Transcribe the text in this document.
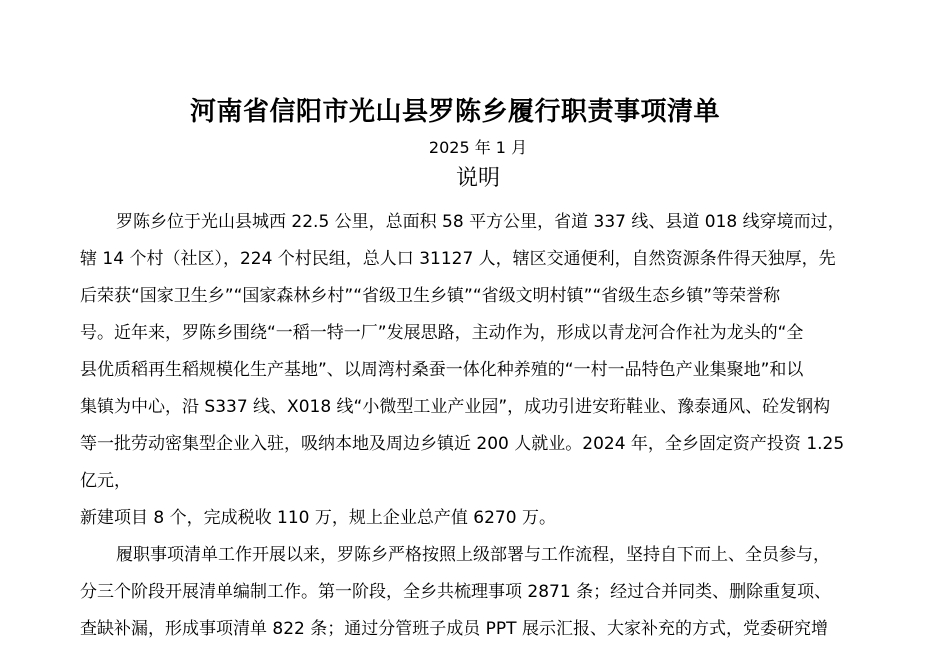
河南省信阳市光山县罗陈乡履行职责事项清单
2025 年 1 月
说明
罗陈乡位于光山县城西 22.5 公里，总面积 58 平方公里，省道 337 线、县道 018 线穿境而过，
辖 14 个村（社区），224 个村民组，总人口 31127 人，辖区交通便利，自然资源条件得天独厚，先
后荣获“国家卫生乡”“国家森林乡村”“省级卫生乡镇”“省级文明村镇”“省级生态乡镇”等荣誉称
号。近年来，罗陈乡围绕“一稻一特一厂”发展思路，主动作为，形成以青龙河合作社为龙头的“全
县优质稻再生稻规模化生产基地”、以周湾村桑蚕一体化种养殖的“一村一品特色产业集聚地”和以
集镇为中心，沿 S337 线、X018 线“小微型工业产业园”，成功引进安珩鞋业、豫泰通风、砼发钢构
等一批劳动密集型企业入驻，吸纳本地及周边乡镇近 200 人就业。2024 年，全乡固定资产投资 1.25
亿元，
新建项目 8 个，完成税收 110 万，规上企业总产值 6270 万。
履职事项清单工作开展以来，罗陈乡严格按照上级部署与工作流程，坚持自下而上、全员参与，
分三个阶段开展清单编制工作。第一阶段，全乡共梳理事项 2871 条；经过合并同类、删除重复项、
查缺补漏，形成事项清单 822 条；通过分管班子成员 PPT 展示汇报、大家补充的方式，党委研究增
